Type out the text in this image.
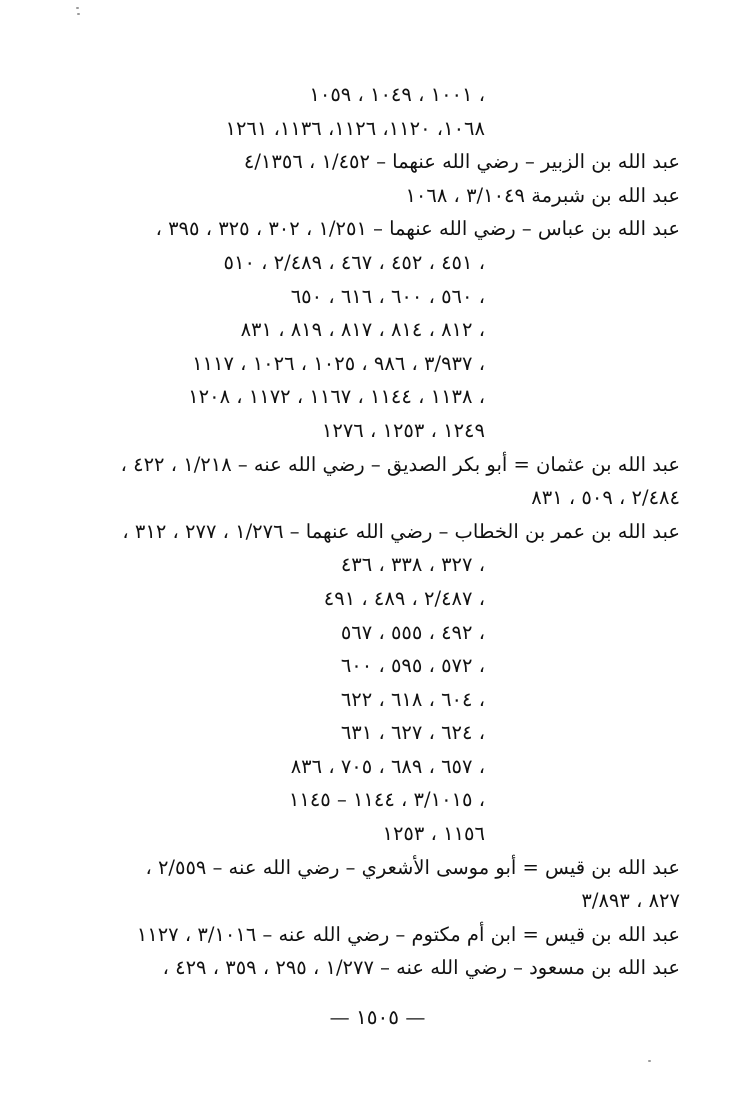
١٠٠١ ، ١٠٤٩ ، ١٠٥٩ ،
١٠٦٨، ١١٢٠، ١١٢٦، ١١٣٦، ١٢٦١
عبد الله بن الزبير – رضي الله عنهما – ١/٤٥٢ ، ٤/١٣٥٦
عبد الله بن شبرمة ٣/١٠٤٩ ، ١٠٦٨
عبد الله بن عباس – رضي الله عنهما – ١/٢٥١ ، ٣٠٢ ، ٣٢٥ ، ٣٩٥ ،
٤٥١ ، ٤٥٢ ، ٤٦٧ ، ٢/٤٨٩ ، ٥١٠ ،
٥٦٠ ، ٦٠٠ ، ٦١٦ ، ٦٥٠ ،
٨١٢ ، ٨١٤ ، ٨١٧ ، ٨١٩ ، ٨٣١ ،
٣/٩٣٧ ، ٩٨٦ ، ١٠٢٥ ، ١٠٢٦ ، ١١١٧ ،
١١٣٨ ، ١١٤٤ ، ١١٦٧ ، ١١٧٢ ، ١٢٠٨ ،
١٢٤٩ ، ١٢٥٣ ، ١٢٧٦
عبد الله بن عثمان = أبو بكر الصديق – رضي الله عنه – ١/٢١٨ ، ٤٢٢ ،
٢/٤٨٤ ، ٥٠٩ ، ٨٣١
عبد الله بن عمر بن الخطاب – رضي الله عنهما – ١/٢٧٦ ، ٢٧٧ ، ٣١٢ ،
٣٢٧ ، ٣٣٨ ، ٤٣٦ ،
٢/٤٨٧ ، ٤٨٩ ، ٤٩١ ،
٤٩٢ ، ٥٥٥ ، ٥٦٧ ،
٥٧٢ ، ٥٩٥ ، ٦٠٠ ،
٦٠٤ ، ٦١٨ ، ٦٢٢ ،
٦٢٤ ، ٦٢٧ ، ٦٣١ ،
٦٥٧ ، ٦٨٩ ، ٧٠٥ ، ٨٣٦ ،
٣/١٠١٥ ، ١١٤٤ – ١١٤٥ ،
١١٥٦ ، ١٢٥٣
عبد الله بن قيس = أبو موسى الأشعري – رضي الله عنه – ٢/٥٥٩ ،
٨٢٧ ، ٣/٨٩٣
عبد الله بن قيس = ابن أم مكتوم – رضي الله عنه – ٣/١٠١٦ ، ١١٢٧
عبد الله بن مسعود – رضي الله عنه – ١/٢٧٧ ، ٢٩٥ ، ٣٥٩ ، ٤٢٩ ،
— ١٥٠٥ —
